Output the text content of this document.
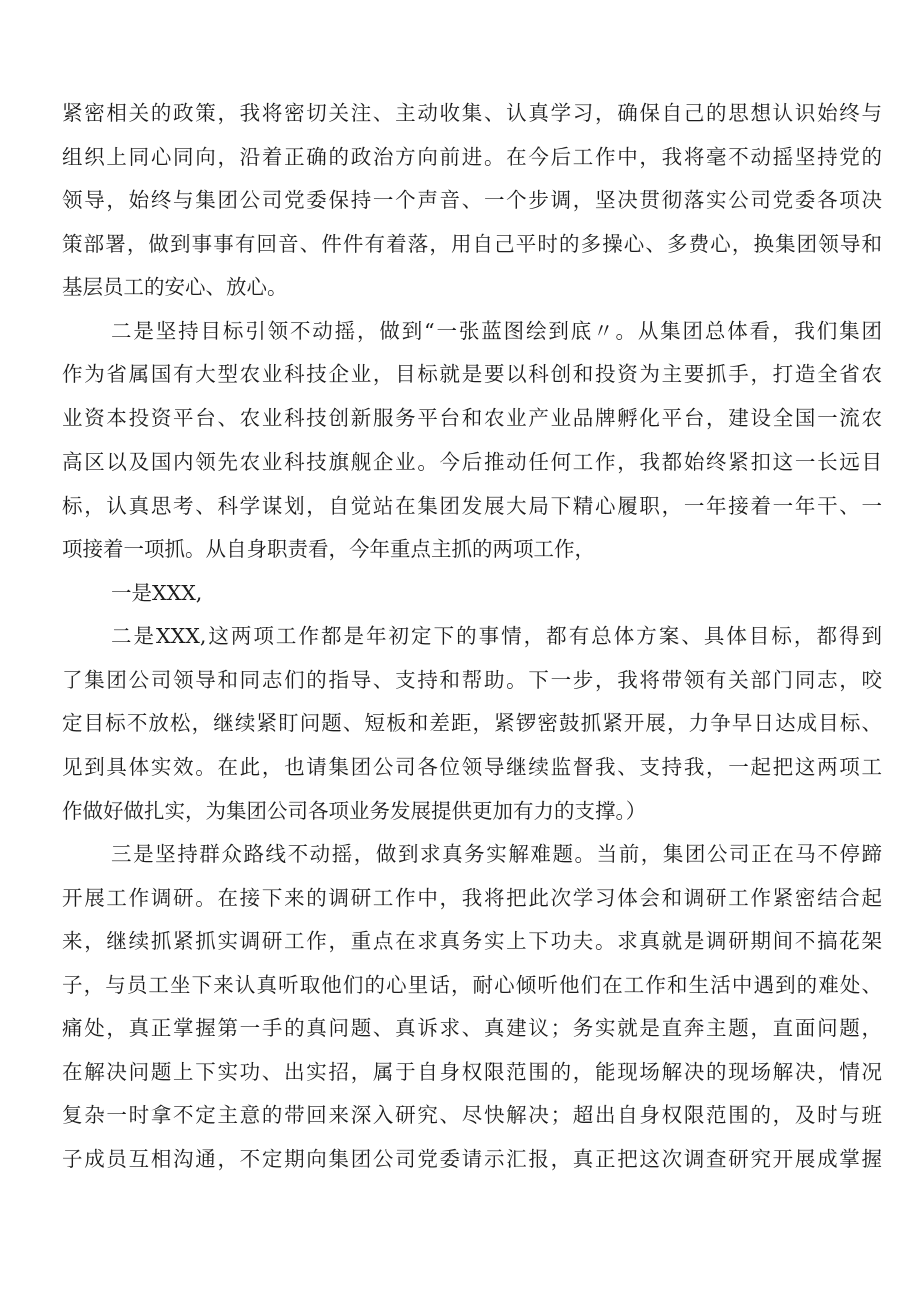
紧密相关的政策，我将密切关注、主动收集、认真学习，确保自己的思想认识始终与
组织上同心同向，沿着正确的政治方向前进。在今后工作中，我将毫不动摇坚持党的
领导，始终与集团公司党委保持一个声音、一个步调，坚决贯彻落实公司党委各项决
策部署，做到事事有回音、件件有着落，用自己平时的多操心、多费心，换集团领导和
基层员工的安心、放心。
二是坚持目标引领不动摇，做到“一张蓝图绘到底〃。从集团总体看，我们集团
作为省属国有大型农业科技企业，目标就是要以科创和投资为主要抓手，打造全省农
业资本投资平台、农业科技创新服务平台和农业产业品牌孵化平台，建设全国一流农
高区以及国内领先农业科技旗舰企业。今后推动任何工作，我都始终紧扣这一长远目
标，认真思考、科学谋划，自觉站在集团发展大局下精心履职，一年接着一年干、一
项接着一项抓。从自身职责看，今年重点主抓的两项工作，
一是XXX,
二是XXX,这两项工作都是年初定下的事情，都有总体方案、具体目标，都得到
了集团公司领导和同志们的指导、支持和帮助。下一步，我将带领有关部门同志，咬
定目标不放松，继续紧盯问题、短板和差距，紧锣密鼓抓紧开展，力争早日达成目标、
见到具体实效。在此，也请集团公司各位领导继续监督我、支持我，一起把这两项工
作做好做扎实，为集团公司各项业务发展提供更加有力的支撑。）
三是坚持群众路线不动摇，做到求真务实解难题。当前，集团公司正在马不停蹄
开展工作调研。在接下来的调研工作中，我将把此次学习体会和调研工作紧密结合起
来，继续抓紧抓实调研工作，重点在求真务实上下功夫。求真就是调研期间不搞花架
子，与员工坐下来认真听取他们的心里话，耐心倾听他们在工作和生活中遇到的难处、
痛处，真正掌握第一手的真问题、真诉求、真建议；务实就是直奔主题，直面问题，
在解决问题上下实功、出实招，属于自身权限范围的，能现场解决的现场解决，情况
复杂一时拿不定主意的带回来深入研究、尽快解决；超出自身权限范围的，及时与班
子成员互相沟通，不定期向集团公司党委请示汇报，真正把这次调查研究开展成掌握
